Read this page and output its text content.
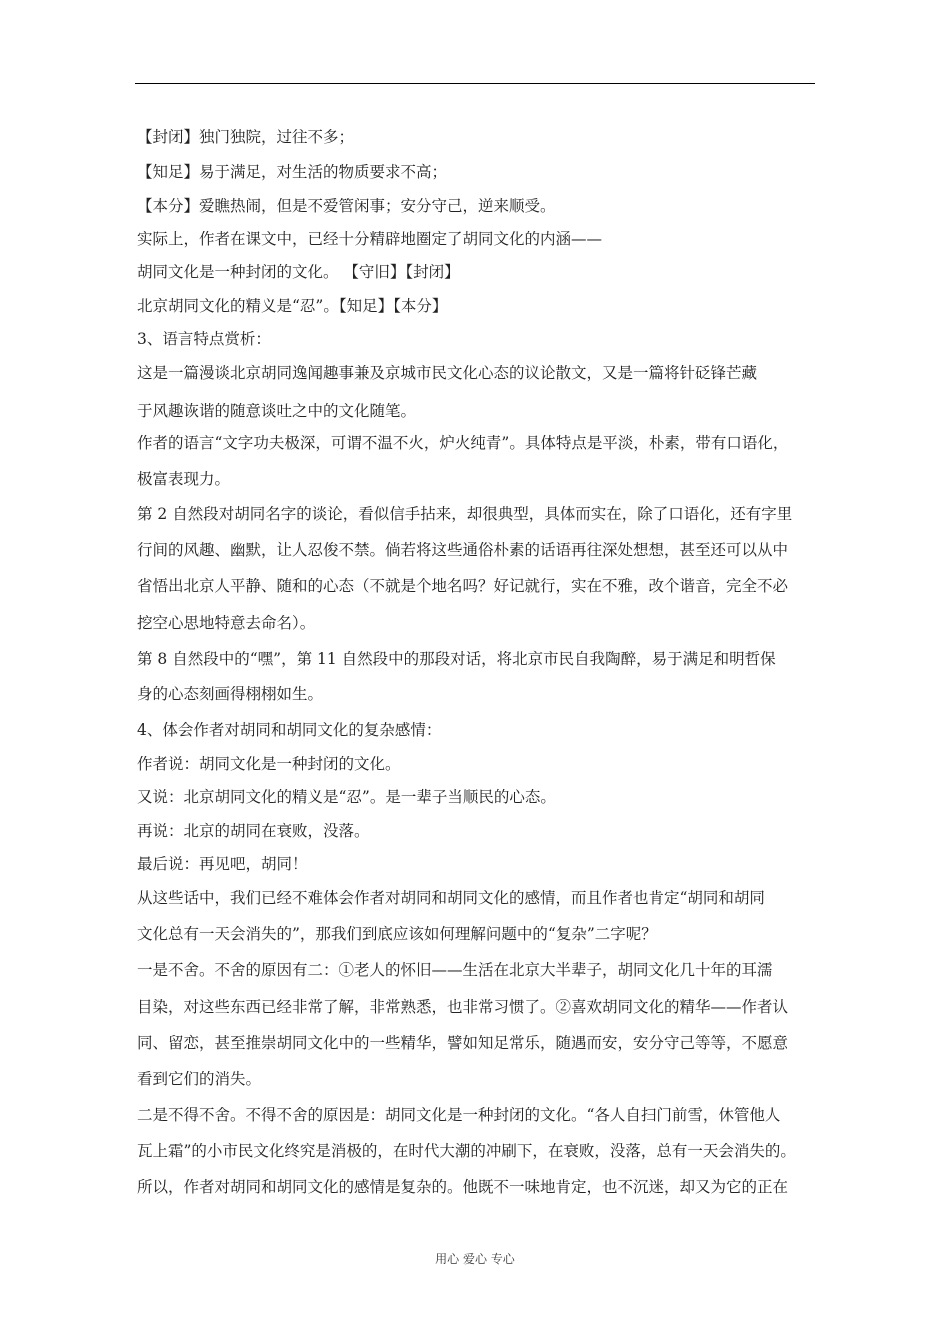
【封闭】独门独院，过往不多；
【知足】易于满足，对生活的物质要求不高；
【本分】爱瞧热闹，但是不爱管闲事；安分守己，逆来顺受。
实际上，作者在课文中，已经十分精辟地圈定了胡同文化的内涵——
胡同文化是一种封闭的文化。 【守旧】【封闭】
北京胡同文化的精义是“忍”。【知足】【本分】
3、语言特点赏析：
这是一篇漫谈北京胡同逸闻趣事兼及京城市民文化心态的议论散文，又是一篇将针砭锋芒藏
于风趣诙谐的随意谈吐之中的文化随笔。
作者的语言“文字功夫极深，可谓不温不火，炉火纯青”。具体特点是平淡，朴素，带有口语化，
极富表现力。
第 2 自然段对胡同名字的谈论，看似信手拈来，却很典型，具体而实在，除了口语化，还有字里
行间的风趣、幽默，让人忍俊不禁。倘若将这些通俗朴素的话语再往深处想想，甚至还可以从中
省悟出北京人平静、随和的心态（不就是个地名吗？好记就行，实在不雅，改个谐音，完全不必
挖空心思地特意去命名）。
第 8 自然段中的“嘿”，第 11 自然段中的那段对话，将北京市民自我陶醉，易于满足和明哲保
身的心态刻画得栩栩如生。
4、体会作者对胡同和胡同文化的复杂感情：
作者说：胡同文化是一种封闭的文化。
又说：北京胡同文化的精义是“忍”。是一辈子当顺民的心态。
再说：北京的胡同在衰败，没落。
最后说：再见吧，胡同！
从这些话中，我们已经不难体会作者对胡同和胡同文化的感情，而且作者也肯定“胡同和胡同
文化总有一天会消失的”，那我们到底应该如何理解问题中的“复杂”二字呢？
一是不舍。不舍的原因有二：①老人的怀旧——生活在北京大半辈子，胡同文化几十年的耳濡
目染，对这些东西已经非常了解，非常熟悉，也非常习惯了。②喜欢胡同文化的精华——作者认
同、留恋，甚至推崇胡同文化中的一些精华，譬如知足常乐，随遇而安，安分守己等等，不愿意
看到它们的消失。
二是不得不舍。不得不舍的原因是：胡同文化是一种封闭的文化。“各人自扫门前雪，休管他人
瓦上霜”的小市民文化终究是消极的，在时代大潮的冲刷下，在衰败，没落，总有一天会消失的。
所以，作者对胡同和胡同文化的感情是复杂的。他既不一味地肯定，也不沉迷，却又为它的正在
用心 爱心 专心
